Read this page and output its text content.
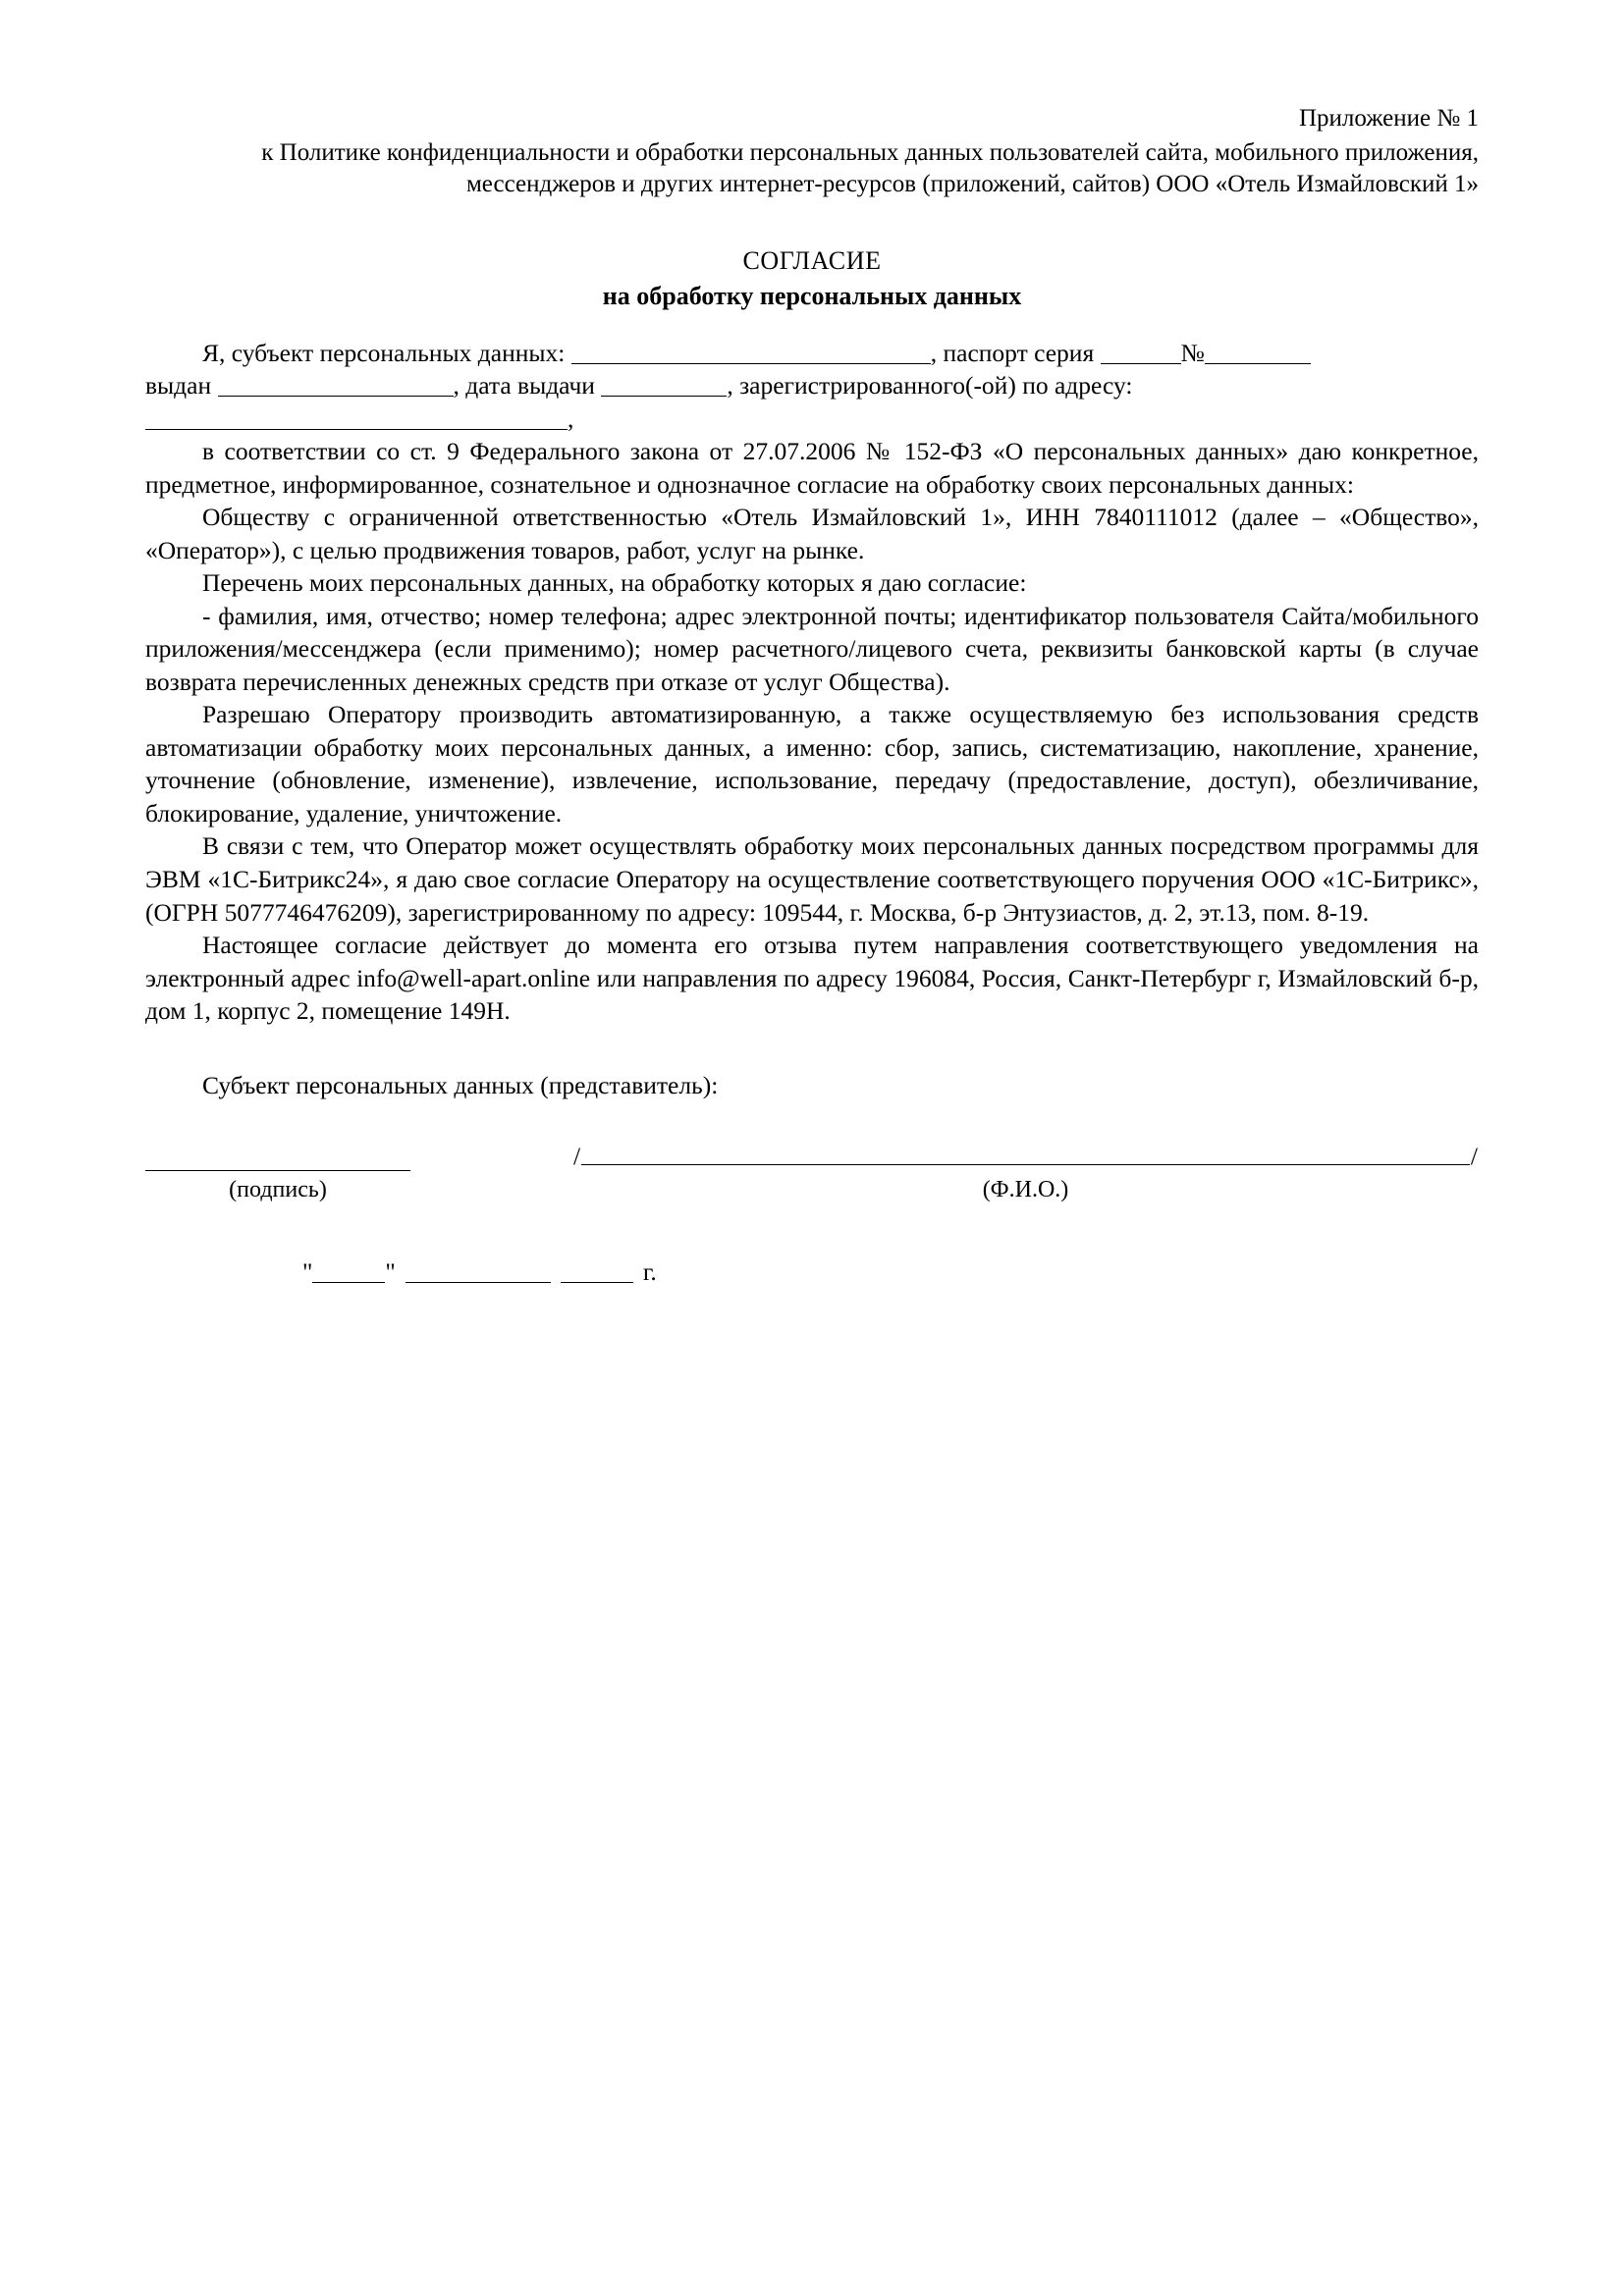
Приложение № 1
к Политике конфиденциальности и обработки персональных данных пользователей сайта, мобильного приложения, мессенджеров и других интернет-ресурсов (приложений, сайтов) ООО «Отель Измайловский 1»
СОГЛАСИЕ
на обработку персональных данных

Я, субъект персональных данных:	, паспорт серия	№

выдан	, дата выдачи	, зарегистрированного(-ой) по адресу:

,

в соответствии со ст. 9 Федерального закона от 27.07.2006 № 152-ФЗ «О персональных данных» даю конкретное, предметное, информированное, сознательное и однозначное согласие на обработку своих персональных данных:

Обществу с ограниченной ответственностью «Отель Измайловский 1», ИНН 7840111012 (далее – «Общество», «Оператор»), с целью продвижения товаров, работ, услуг на рынке.

Перечень моих персональных данных, на обработку которых я даю согласие:

- фамилия, имя, отчество; номер телефона; адрес электронной почты; идентификатор пользователя Сайта/мобильного приложения/мессенджера (если применимо); номер расчетного/лицевого счета, реквизиты банковской карты (в случае возврата перечисленных денежных средств при отказе от услуг Общества).

Разрешаю Оператору производить автоматизированную, а также осуществляемую без использования средств автоматизации обработку моих персональных данных, а именно: сбор, запись, систематизацию, накопление, хранение, уточнение (обновление, изменение), извлечение, использование, передачу (предоставление, доступ), обезличивание, блокирование, удаление, уничтожение.

В связи с тем, что Оператор может осуществлять обработку моих персональных данных посредством программы для ЭВМ «1С-Битрикс24», я даю свое согласие Оператору на осуществление соответствующего поручения ООО «1С-Битрикс», (ОГРН 5077746476209), зарегистрированному по адресу: 109544, г. Москва, б-р Энтузиастов, д. 2, эт.13, пом. 8-19.

Настоящее согласие действует до момента его отзыва путем направления соответствующего уведомления на электронный адрес info@well-apart.online или направления по адресу 196084, Россия, Санкт-Петербург г, Измайловский б-р, дом 1, корпус 2, помещение 149Н.

Субъект персональных данных (представитель):
(подпись)
/	/
(Ф.И.О.)
"	"	г.
